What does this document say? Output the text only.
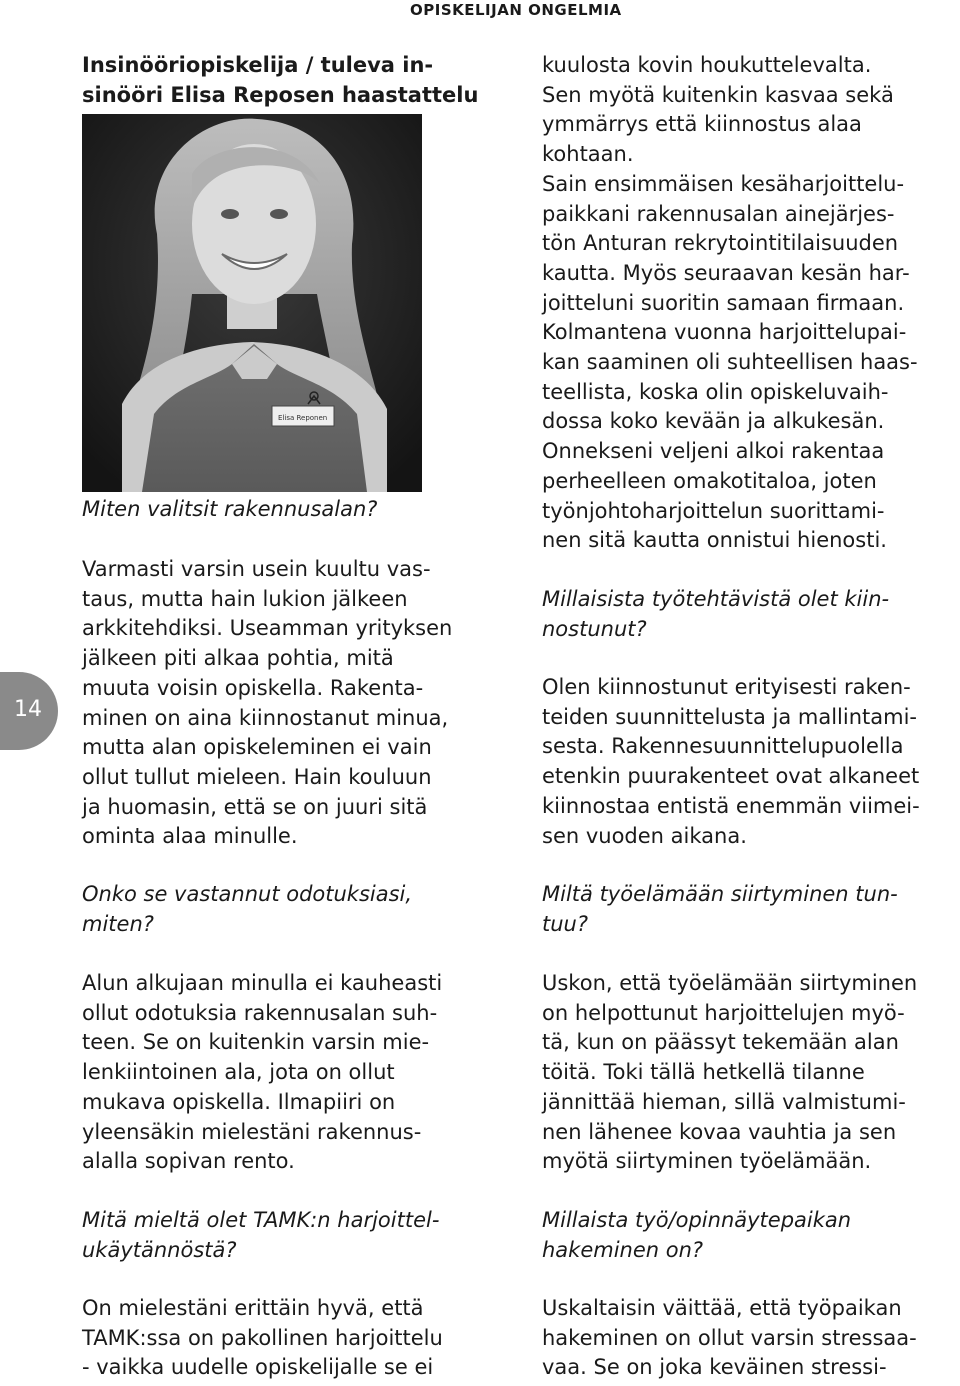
OPISKELIJAN ONGELMIA
14

Insinööriopiskelija / tuleva in-

sinööri Elisa Reposen haastattelu

Elisa Reponen

Miten valitsit rakennusalan?

Varmasti varsin usein kuultu vas-
taus, mutta hain lukion jälkeen
arkkitehdiksi. Useamman yrityksen
jälkeen piti alkaa pohtia, mitä
muuta voisin opiskella. Rakenta-
minen on aina kiinnostanut minua,
mutta alan opiskeleminen ei vain
ollut tullut mieleen. Hain kouluun
ja huomasin, että se on juuri sitä
ominta alaa minulle.

Onko se vastannut odotuksiasi,
miten?

Alun alkujaan minulla ei kauheasti
ollut odotuksia rakennusalan suh-
teen. Se on kuitenkin varsin mie-
lenkiintoinen ala, jota on ollut
mukava opiskella. Ilmapiiri on
yleensäkin mielestäni rakennus-
alalla sopivan rento.

Mitä mieltä olet TAMK:n harjoittel-
ukäytännöstä?

On mielestäni erittäin hyvä, että
TAMK:ssa on pakollinen harjoittelu
- vaikka uudelle opiskelijalle se ei

kuulosta kovin houkuttelevalta.
Sen myötä kuitenkin kasvaa sekä
ymmärrys että kiinnostus alaa
kohtaan.
Sain ensimmäisen kesäharjoittelu-
paikkani rakennusalan ainejärjes-
tön Anturan rekrytointitilaisuuden
kautta. Myös seuraavan kesän har-
joitteluni suoritin samaan firmaan.
Kolmantena vuonna harjoittelupai-
kan saaminen oli suhteellisen haas-
teellista, koska olin opiskeluvaih-
dossa koko kevään ja alkukesän.
Onnekseni veljeni alkoi rakentaa
perheelleen omakotitaloa, joten
työnjohtoharjoittelun suorittami-
nen sitä kautta onnistui hienosti.

Millaisista työtehtävistä olet kiin-
nostunut?

Olen kiinnostunut erityisesti raken-
teiden suunnittelusta ja mallintami-
sesta. Rakennesuunnittelupuolella
etenkin puurakenteet ovat alkaneet
kiinnostaa entistä enemmän viimei-
sen vuoden aikana.

Miltä työelämään siirtyminen tun-
tuu?

Uskon, että työelämään siirtyminen
on helpottunut harjoittelujen myö-
tä, kun on päässyt tekemään alan
töitä. Toki tällä hetkellä tilanne
jännittää hieman, sillä valmistumi-
nen lähenee kovaa vauhtia ja sen
myötä siirtyminen työelämään.

Millaista työ/opinnäytepaikan
hakeminen on?

Uskaltaisin väittää, että työpaikan
hakeminen on ollut varsin stressaa-
vaa. Se on joka keväinen stressi-
